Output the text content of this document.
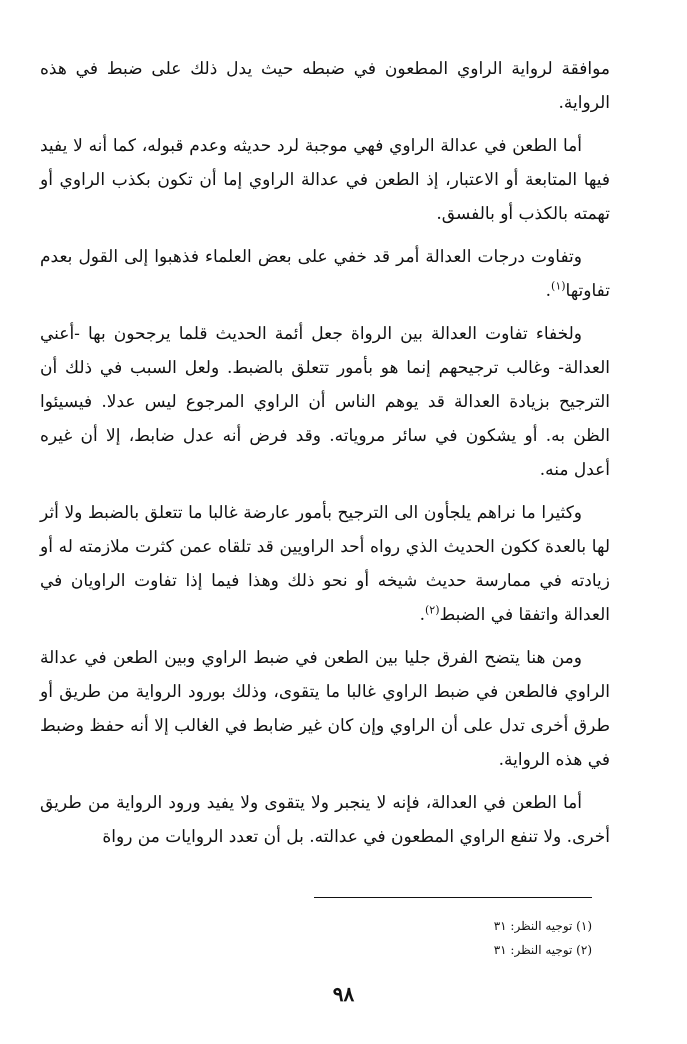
موافقة لرواية الراوي المطعون في ضبطه حيث يدل ذلك على ضبط في هذه الرواية.

أما الطعن في عدالة الراوي فهي موجبة لرد حديثه وعدم قبوله، كما أنه لا يفيد فيها المتابعة أو الاعتبار، إذ الطعن في عدالة الراوي إما أن تكون بكذب الراوي أو تهمته بالكذب أو بالفسق.

وتفاوت درجات العدالة أمر قد خفي على بعض العلماء فذهبوا إلى القول بعدم تفاوتها$^{(١)}$.

ولخفاء تفاوت العدالة بين الرواة جعل أئمة الحديث قلما يرجحون بها -أعني العدالة- وغالب ترجيحهم إنما هو بأمور تتعلق بالضبط. ولعل السبب في ذلك أن الترجيح بزيادة العدالة قد يوهم الناس أن الراوي المرجوع ليس عدلا. فيسيئوا الظن به. أو يشكون في سائر مروياته. وقد فرض أنه عدل ضابط، إلا أن غيره أعدل منه.

وكثيرا ما نراهم يلجأون الى الترجيح بأمور عارضة غالبا ما تتعلق بالضبط ولا أثر لها بالعدة ككون الحديث الذي رواه أحد الراويين قد تلقاه عمن كثرت ملازمته له أو زيادته في ممارسة حديث شيخه أو نحو ذلك وهذا فيما إذا تفاوت الراويان في العدالة واتفقا في الضبط$^{(٢)}$.

ومن هنا يتضح الفرق جليا بين الطعن في ضبط الراوي وبين الطعن في عدالة الراوي فالطعن في ضبط الراوي غالبا ما يتقوى، وذلك بورود الرواية من طريق أو طرق أخرى تدل على أن الراوي وإن كان غير ضابط في الغالب إلا أنه حفظ وضبط في هذه الرواية.

أما الطعن في العدالة، فإنه لا ينجبر ولا يتقوى ولا يفيد ورود الرواية من طريق أخرى. ولا تنفع الراوي المطعون في عدالته. بل أن تعدد الروايات من رواة

(١) توجيه النظر: ٣١

(٢) توجيه النظر: ٣١

٩٨
